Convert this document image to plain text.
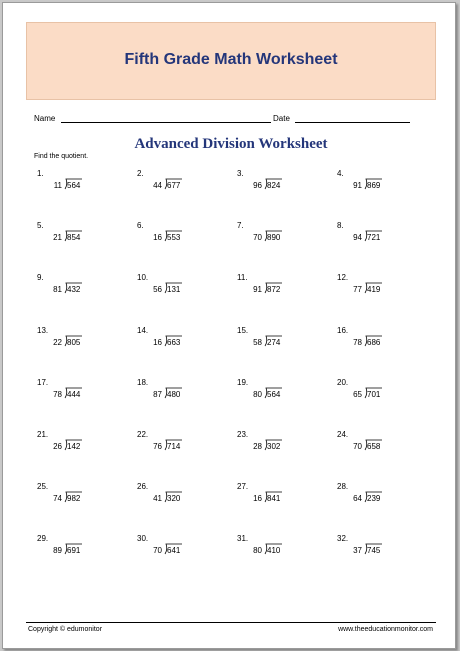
Fifth Grade Math Worksheet
Name	Date
Advanced Division Worksheet
Find the quotient.
1.
11 564
2.
44 677
3.
96 824
4.
91 869
5.
21 854
6.
16 553
7.
70 890
8.
94 721
9.
81 432
10.
56 131
11.
91 872
12.
77 419
13.
22 805
14.
16 663
15.
58 274
16.
78 686
17.
78 444
18.
87 480
19.
80 564
20.
65 701
21.
26 142
22.
76 714
23.
28 302
24.
70 658
25.
74 982
26.
41 320
27.
16 841
28.
64 239
29.
89 691
30.
70 641
31.
80 410
32.
37 745
Copyright © edumonitor	www.theeducationmonitor.com
